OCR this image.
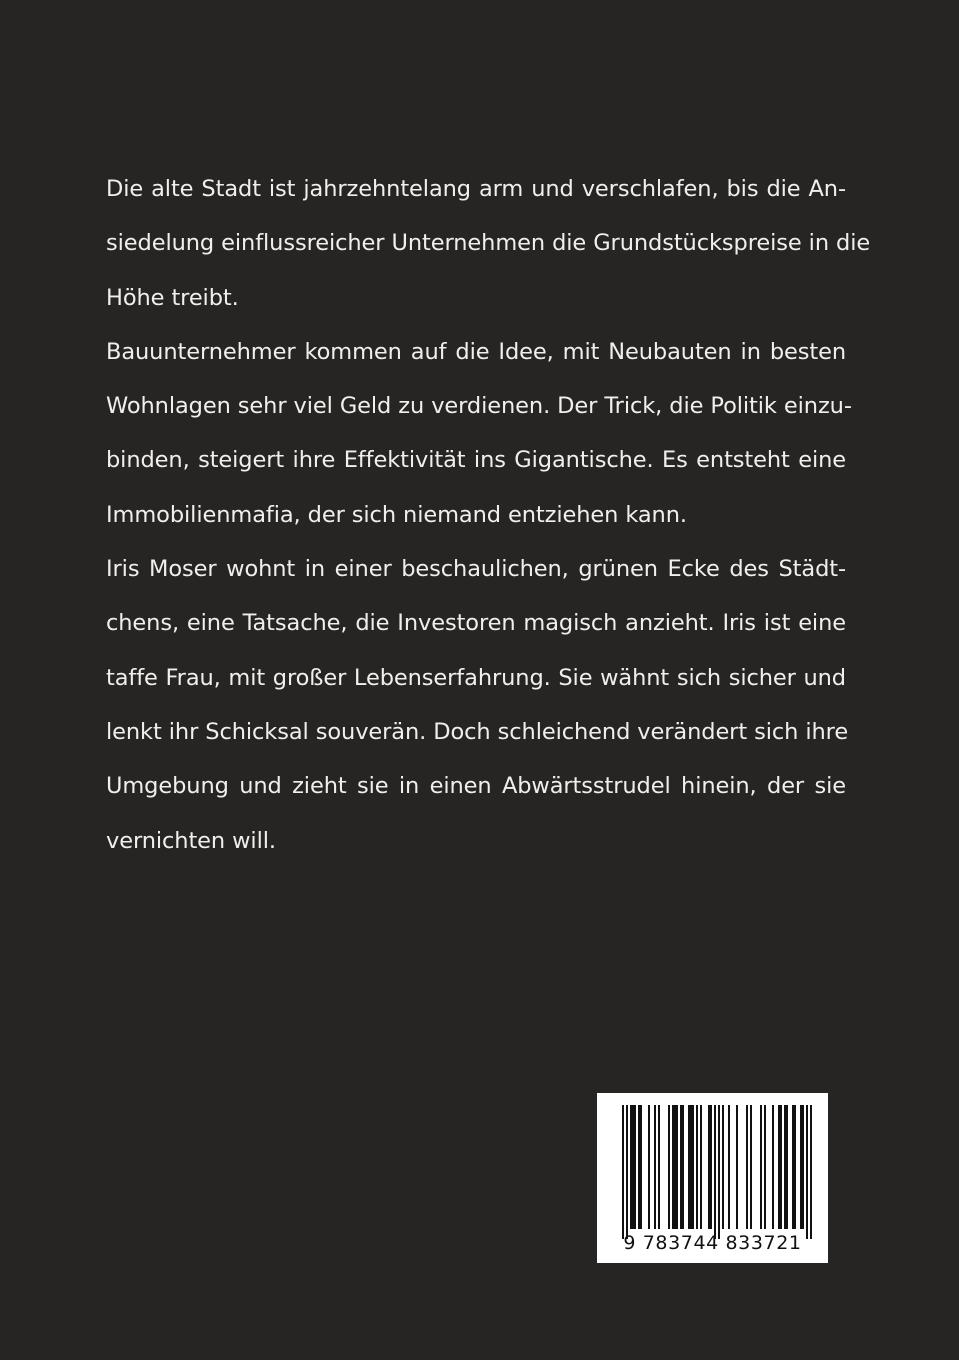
Die alte Stadt ist jahrzehntelang arm und verschlafen, bis die An-
siedelung einflussreicher Unternehmen die Grundstückspreise in die
Höhe treibt.
Bauunternehmer kommen auf die Idee, mit Neubauten in besten
Wohnlagen sehr viel Geld zu verdienen. Der Trick, die Politik einzu-
binden, steigert ihre Effektivität ins Gigantische. Es entsteht eine
Immobilienmafia, der sich niemand entziehen kann.
Iris Moser wohnt in einer beschaulichen, grünen Ecke des Städt-
chens, eine Tatsache, die Investoren magisch anzieht. Iris ist eine
taffe Frau, mit großer Lebenserfahrung. Sie wähnt sich sicher und
lenkt ihr Schicksal souverän. Doch schleichend verändert sich ihre
Umgebung und zieht sie in einen Abwärtsstrudel hinein, der sie
vernichten will.
9 783744 833721
